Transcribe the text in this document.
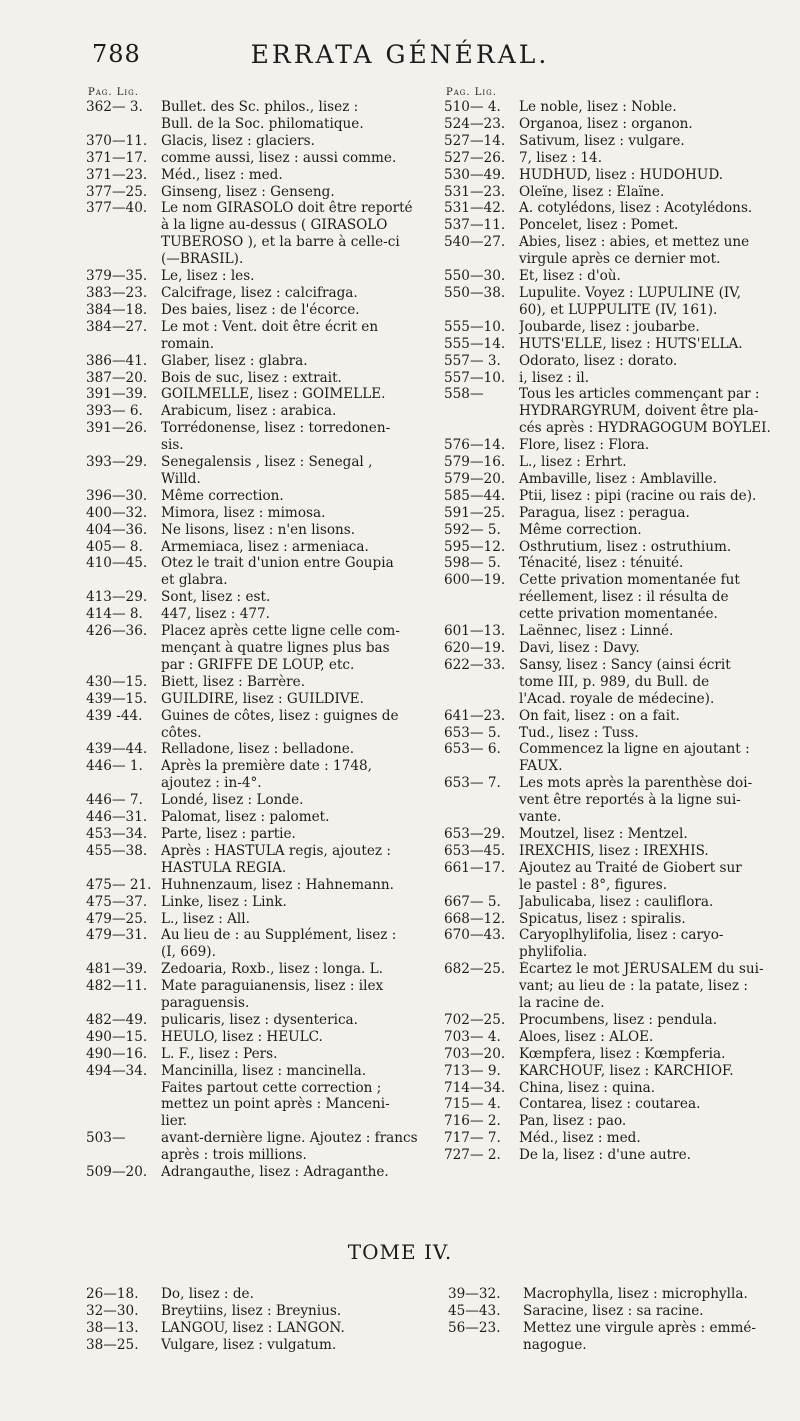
788	ERRATA GÉNÉRAL.
Pag. Lig.
362— 3.	Bullet. des Sc. philos., lisez :
Bull. de la Soc. philomatique.
370—11.	Glacis, lisez : glaciers.
371—17.	comme aussi, lisez : aussi comme.
371—23.	Méd., lisez : med.
377—25.	Ginseng, lisez : Genseng.
377—40.	Le nom GIRASOLO doit être reporté
à la ligne au-dessus ( GIRASOLO
TUBEROSO ), et la barre à celle-ci
(—BRASIL).
379—35.	Le, lisez : les.
383—23.	Calcifrage, lisez : calcifraga.
384—18.	Des baies, lisez : de l'écorce.
384—27.	Le mot : Vent. doit être écrit en
romain.
386—41.	Glaber, lisez : glabra.
387—20.	Bois de suc, lisez : extrait.
391—39.	GOILMELLE, lisez : GOIMELLE.
393— 6.	Arabicum, lisez : arabica.
391—26.	Torrédonense, lisez : torredonen-
sis.
393—29.	Senegalensis , lisez : Senegal ,
Willd.
396—30.	Même correction.
400—32.	Mimora, lisez : mimosa.
404—36.	Ne lisons, lisez : n'en lisons.
405— 8.	Armemiaca, lisez : armeniaca.
410—45.	Otez le trait d'union entre Goupia
et glabra.
413—29.	Sont, lisez : est.
414— 8.	447, lisez : 477.
426—36.	Placez après cette ligne celle com-
mençant à quatre lignes plus bas
par : GRIFFE DE LOUP, etc.
430—15.	Biett, lisez : Barrère.
439—15.	GUILDIRE, lisez : GUILDIVE.
439 -44.	Guines de côtes, lisez : guignes de
côtes.
439—44.	Relladone, lisez : belladone.
446— 1.	Après la première date : 1748,
ajoutez : in-4°.
446— 7.	Londé, lisez : Londe.
446—31.	Palomat, lisez : palomet.
453—34.	Parte, lisez : partie.
455—38.	Après : HASTULA regis, ajoutez :
HASTULA REGIA.
475— 21. Huhnenzaum, lisez : Hahnemann.
475—37.	Linke, lisez : Link.
479—25.	L., lisez : All.
479—31.	Au lieu de : au Supplément, lisez :
(I, 669).
481—39.	Zedoaria, Roxb., lisez : longa. L.
482—11.	Mate paraguianensis, lisez : ilex
paraguensis.
482—49.	pulicaris, lisez : dysenterica.
490—15.	HEULO, lisez : HEULC.
490—16.	L. F., lisez : Pers.
494—34.	Mancinilla, lisez : mancinella.
Faites partout cette correction ;
mettez un point après : Manceni-
lier.
503—	avant-dernière ligne. Ajoutez : francs
après : trois millions.
509—20.	Adrangauthe, lisez : Adraganthe.
Pag. Lig.
510— 4.	Le noble, lisez : Noble.
524—23.	Organoa, lisez : organon.
527—14.	Sativum, lisez : vulgare.
527—26.	7, lisez : 14.
530—49.	HUDHUD, lisez : HUDOHUD.
531—23.	Oleïne, lisez : Élaïne.
531—42.	A. cotylédons, lisez : Acotylédons.
537—11.	Poncelet, lisez : Pomet.
540—27.	Abies, lisez : abies, et mettez une
virgule après ce dernier mot.
550—30.	Et, lisez : d'où.
550—38.	Lupulite. Voyez : LUPULINE (IV,
60), et LUPPULITE (IV, 161).
555—10.	Joubarde, lisez : joubarbe.
555—14.	HUTS'ELLE, lisez : HUTS'ELLA.
557— 3.	Odorato, lisez : dorato.
557—10.	i, lisez : il.
558—	Tous les articles commençant par :
HYDRARGYRUM, doivent être pla-
cés après : HYDRAGOGUM BOYLEI.
576—14.	Flore, lisez : Flora.
579—16.	L., lisez : Erhrt.
579—20.	Ambaville, lisez : Amblaville.
585—44.	Ptii, lisez : pipi (racine ou rais de).
591—25.	Paragua, lisez : peragua.
592— 5.	Même correction.
595—12.	Osthrutium, lisez : ostruthium.
598— 5.	Ténacité, lisez : ténuité.
600—19.	Cette privation momentanée fut
réellement, lisez : il résulta de
cette privation momentanée.
601—13.	Laënnec, lisez : Linné.
620—19.	Davi, lisez : Davy.
622—33.	Sansy, lisez : Sancy (ainsi écrit
tome III, p. 989, du Bull. de
l'Acad. royale de médecine).
641—23.	On fait, lisez : on a fait.
653— 5.	Tud., lisez : Tuss.
653— 6.	Commencez la ligne en ajoutant :
FAUX.
653— 7.	Les mots après la parenthèse doi-
vent être reportés à la ligne sui-
vante.
653—29.	Moutzel, lisez : Mentzel.
653—45.	IREXCHIS, lisez : IREXHIS.
661—17.	Ajoutez au Traité de Giobert sur
le pastel : 8°, figures.
667— 5.	Jabulicaba, lisez : cauliflora.
668—12.	Spicatus, lisez : spiralis.
670—43.	Caryoplhylifolia, lisez : caryo-
phylifolia.
682—25.	Écartez le mot JÉRUSALEM du sui-
vant; au lieu de : la patate, lisez :
la racine de.
702—25.	Procumbens, lisez : pendula.
703— 4.	Aloes, lisez : ALOE.
703—20.	Kœmpfera, lisez : Kœmpferia.
713— 9.	KARCHOUF, lisez : KARCHIOF.
714—34.	China, lisez : quina.
715— 4.	Contarea, lisez : coutarea.
716— 2.	Pan, lisez : pao.
717— 7.	Méd., lisez : med.
727— 2.	De la, lisez : d'une autre.
TOME IV.
26—18.	Do, lisez : de.
32—30.	Breytiins, lisez : Breynius.
38—13.	LANGOU, lisez : LANGON.
38—25.	Vulgare, lisez : vulgatum.
39—32.	Macrophylla, lisez : microphylla.
45—43.	Saracine, lisez : sa racine.
56—23.	Mettez une virgule après : emmé-
nagogue.
